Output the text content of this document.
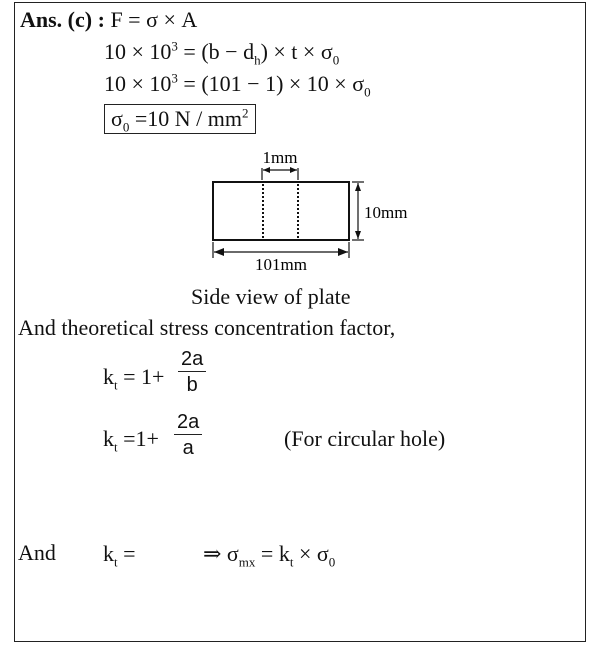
Ans. (c) : F = σ × A
$10 \times 10^3 = (b - d_h) \times t \times \sigma_0$
$10 \times 10^3 = (101 - 1) \times 10 \times \sigma_0$
$\sigma_0 =10$ N / $mm^2$
1mm
10mm
101mm
Side view of plate
And theoretical stress concentration factor,
$k_t = 1+ \frac{2a}{b}$
$k_t =1+ \frac{2a}{a}$	(For circular hole)
And $k_t$ =	⇒ $\sigma_{mx} = k_t \times \sigma_0$
